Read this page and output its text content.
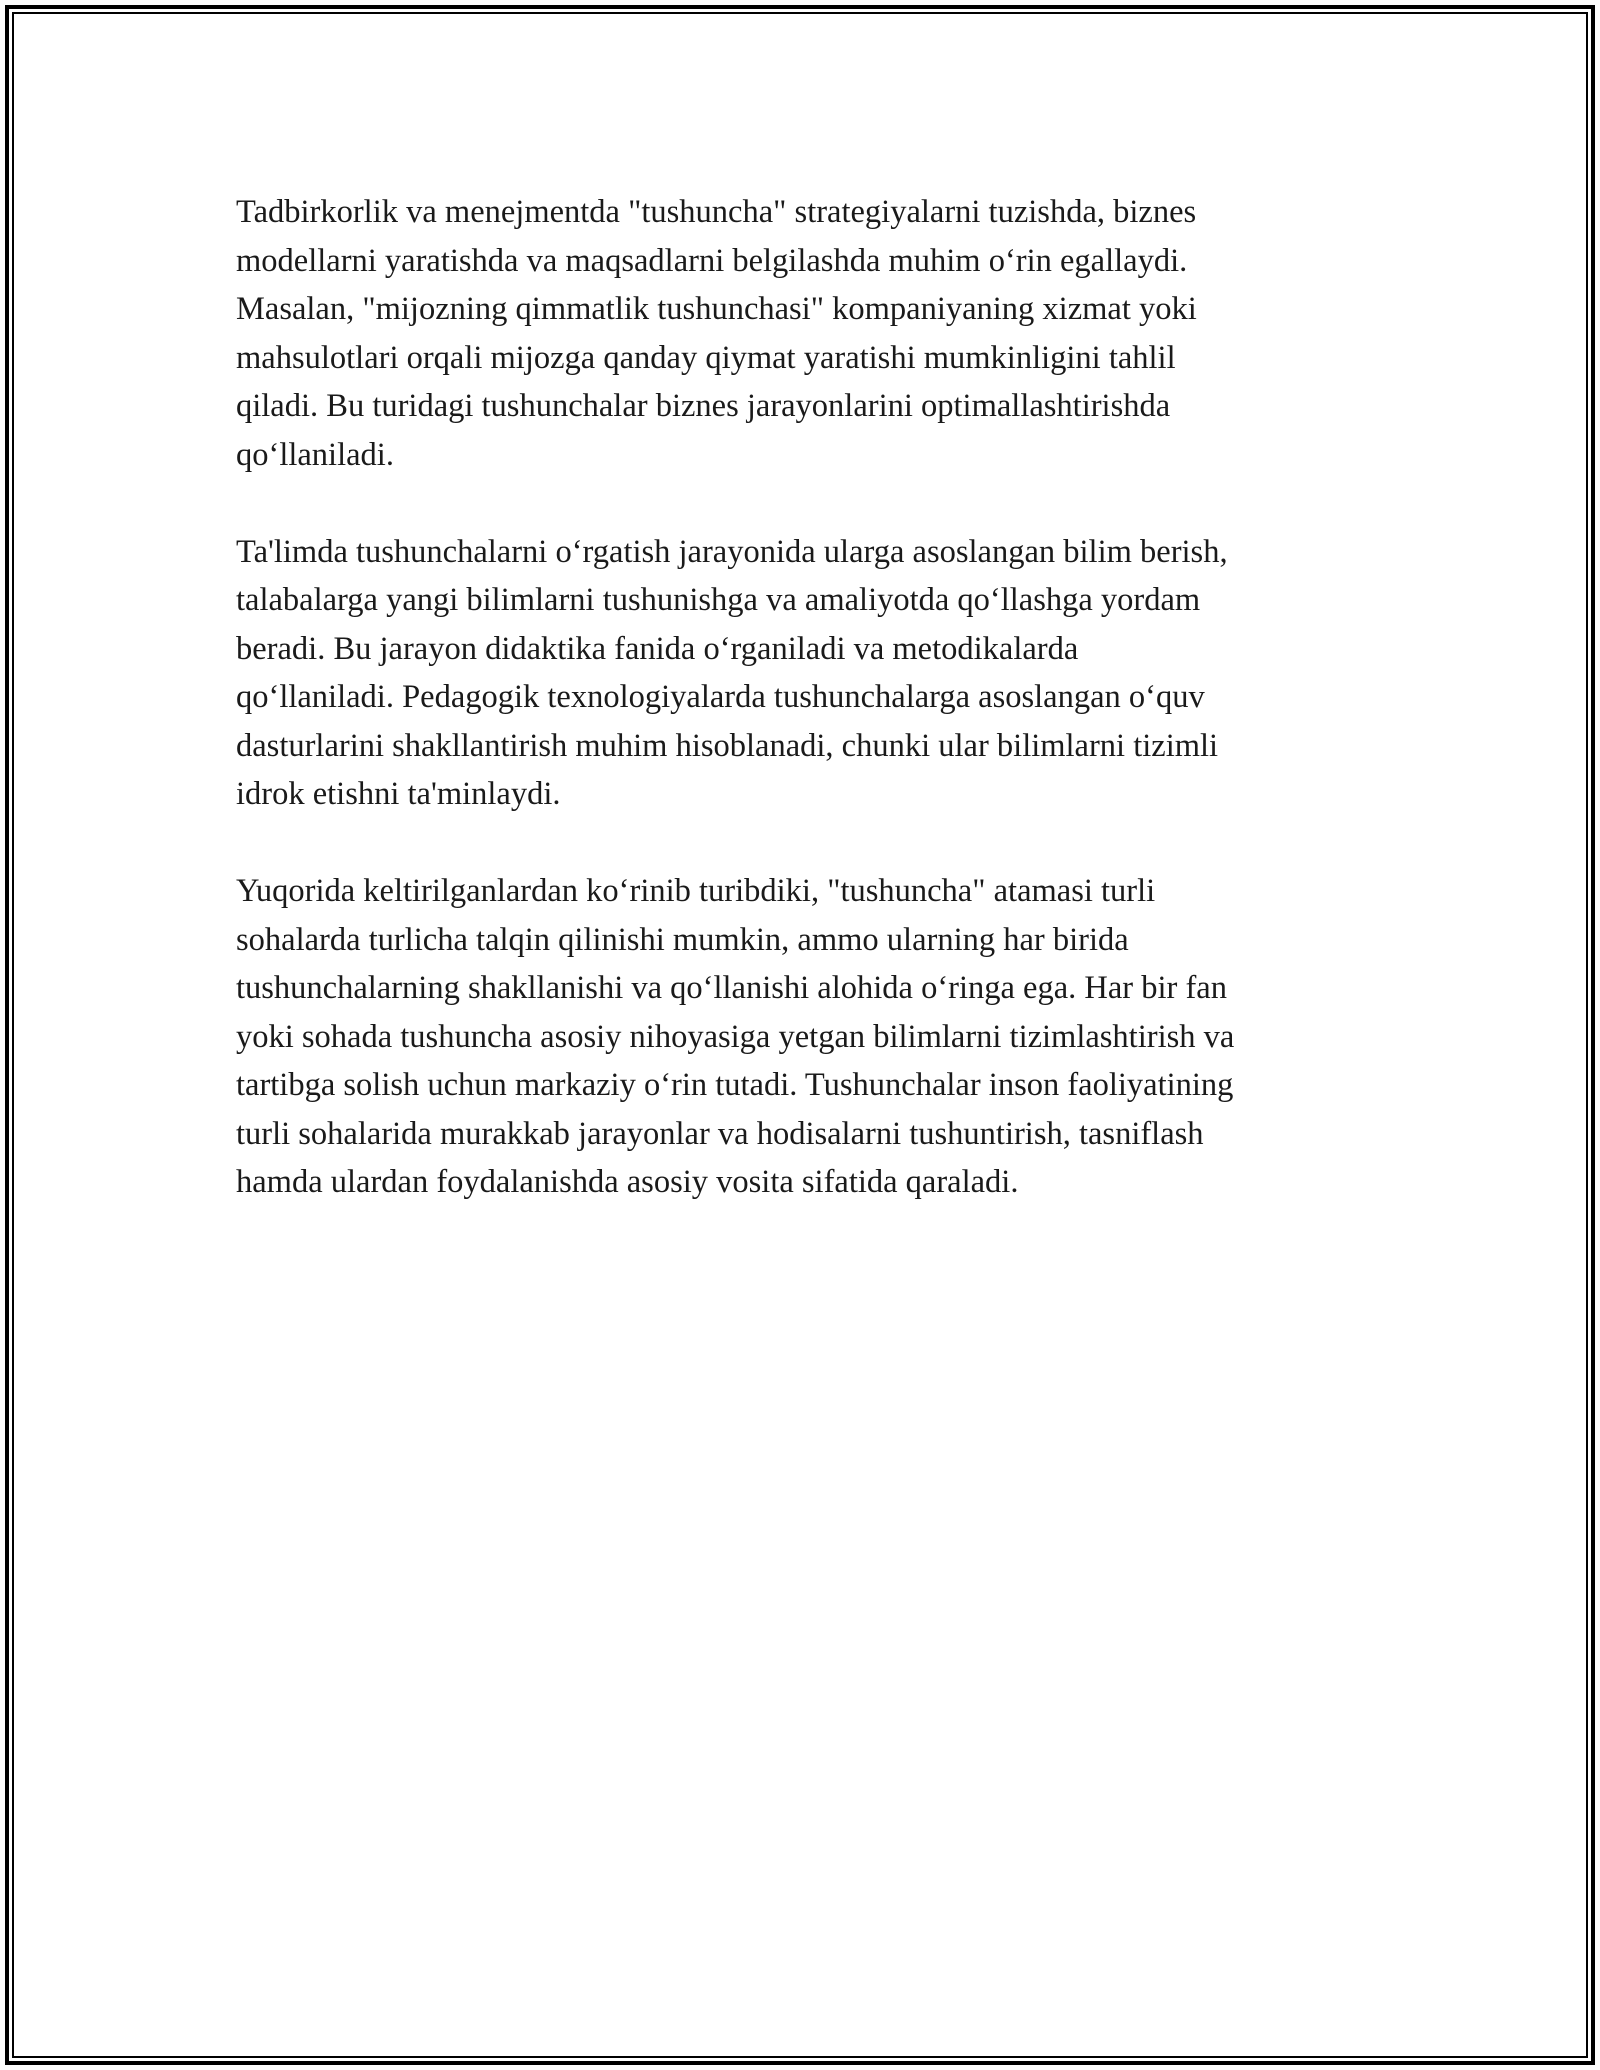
Tadbirkorlik va menejmentda "tushuncha" strategiyalarni tuzishda, biznes
modellarni yaratishda va maqsadlarni belgilashda muhim o‘rin egallaydi.
Masalan, "mijozning qimmatlik tushunchasi" kompaniyaning xizmat yoki
mahsulotlari orqali mijozga qanday qiymat yaratishi mumkinligini tahlil
qiladi. Bu turidagi tushunchalar biznes jarayonlarini optimallashtirishda
qo‘llaniladi.

Ta'limda tushunchalarni o‘rgatish jarayonida ularga asoslangan bilim berish,
talabalarga yangi bilimlarni tushunishga va amaliyotda qo‘llashga yordam
beradi. Bu jarayon didaktika fanida o‘rganiladi va metodikalarda
qo‘llaniladi. Pedagogik texnologiyalarda tushunchalarga asoslangan o‘quv
dasturlarini shakllantirish muhim hisoblanadi, chunki ular bilimlarni tizimli
idrok etishni ta'minlaydi.

Yuqorida keltirilganlardan ko‘rinib turibdiki, "tushuncha" atamasi turli
sohalarda turlicha talqin qilinishi mumkin, ammo ularning har birida
tushunchalarning shakllanishi va qo‘llanishi alohida o‘ringa ega. Har bir fan
yoki sohada tushuncha asosiy nihoyasiga yetgan bilimlarni tizimlashtirish va
tartibga solish uchun markaziy o‘rin tutadi. Tushunchalar inson faoliyatining
turli sohalarida murakkab jarayonlar va hodisalarni tushuntirish, tasniflash
hamda ulardan foydalanishda asosiy vosita sifatida qaraladi.
